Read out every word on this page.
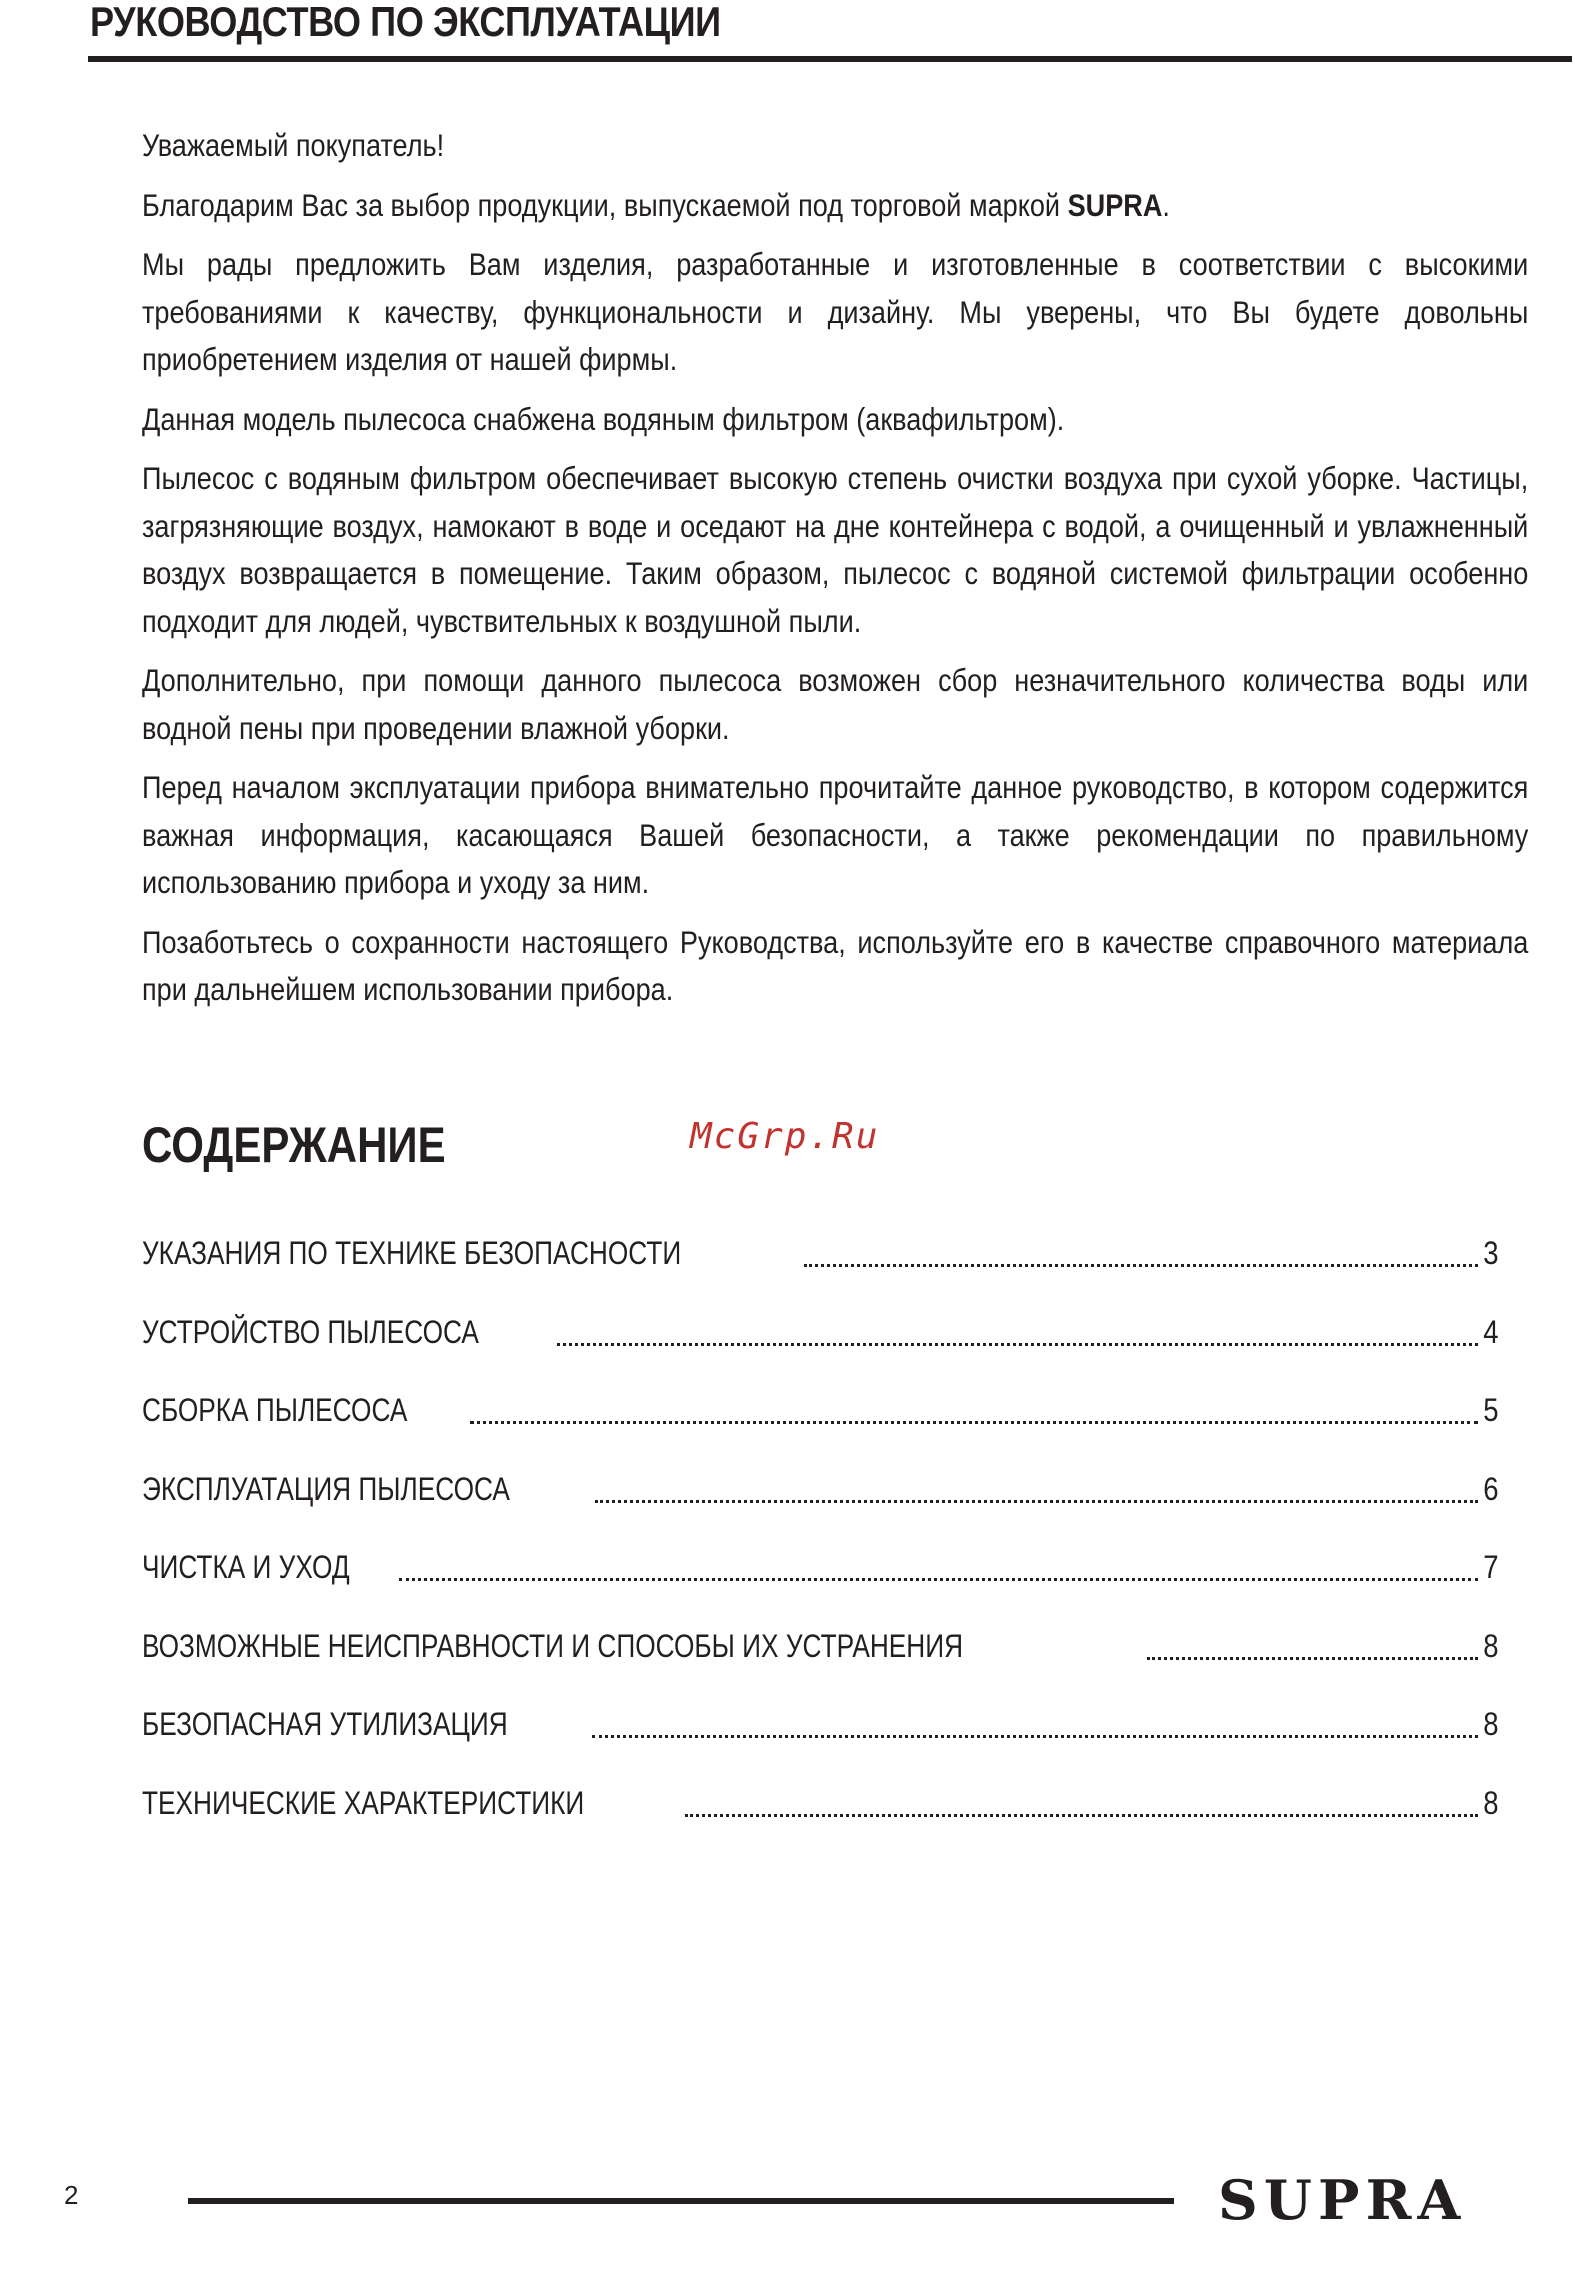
РУКОВОДСТВО ПО ЭКСПЛУАТАЦИИ

Уважаемый покупатель!

Благодарим Вас за выбор продукции, выпускаемой под торговой маркой SUPRA.

Мы рады предложить Вам изделия, разработанные и изготовленные в соответствии с высокими требованиями к качеству, функциональности и дизайну. Мы уверены, что Вы будете довольны приобретением изделия от нашей фирмы.

Данная модель пылесоса снабжена водяным фильтром (аквафильтром).

Пылесос с водяным фильтром обеспечивает высокую степень очистки воздуха при сухой уборке. Частицы, загрязняющие воздух, намокают в воде и оседают на дне контейнера с водой, а очищенный и увлажненный воздух возвращается в помещение. Таким образом, пылесос с водяной системой фильтрации особенно подходит для людей, чувствительных к воздушной пыли.

Дополнительно, при помощи данного пылесоса возможен сбор незначительного количества воды или водной пены при проведении влажной уборки.

Перед началом эксплуатации прибора внимательно прочитайте данное руководство, в котором содержится важная информация, касающаяся Вашей безопасности, а также рекомендации по правильному использованию прибора и уходу за ним.

Позаботьтесь о сохранности настоящего Руководства, используйте его в качестве справочного материала при дальнейшем использовании прибора.

СОДЕРЖАНИЕ	McGrp.Ru
УКАЗАНИЯ ПО ТЕХНИКЕ БЕЗОПАСНОСТИ	3
УСТРОЙСТВО ПЫЛЕСОСА	4
СБОРКА ПЫЛЕСОСА	5
ЭКСПЛУАТАЦИЯ ПЫЛЕСОСА	6
ЧИСТКА И УХОД	7
ВОЗМОЖНЫЕ НЕИСПРАВНОСТИ И СПОСОБЫ ИХ УСТРАНЕНИЯ	8
БЕЗОПАСНАЯ УТИЛИЗАЦИЯ	8
ТЕХНИЧЕСКИЕ ХАРАКТЕРИСТИКИ	8
2	SUPRA
